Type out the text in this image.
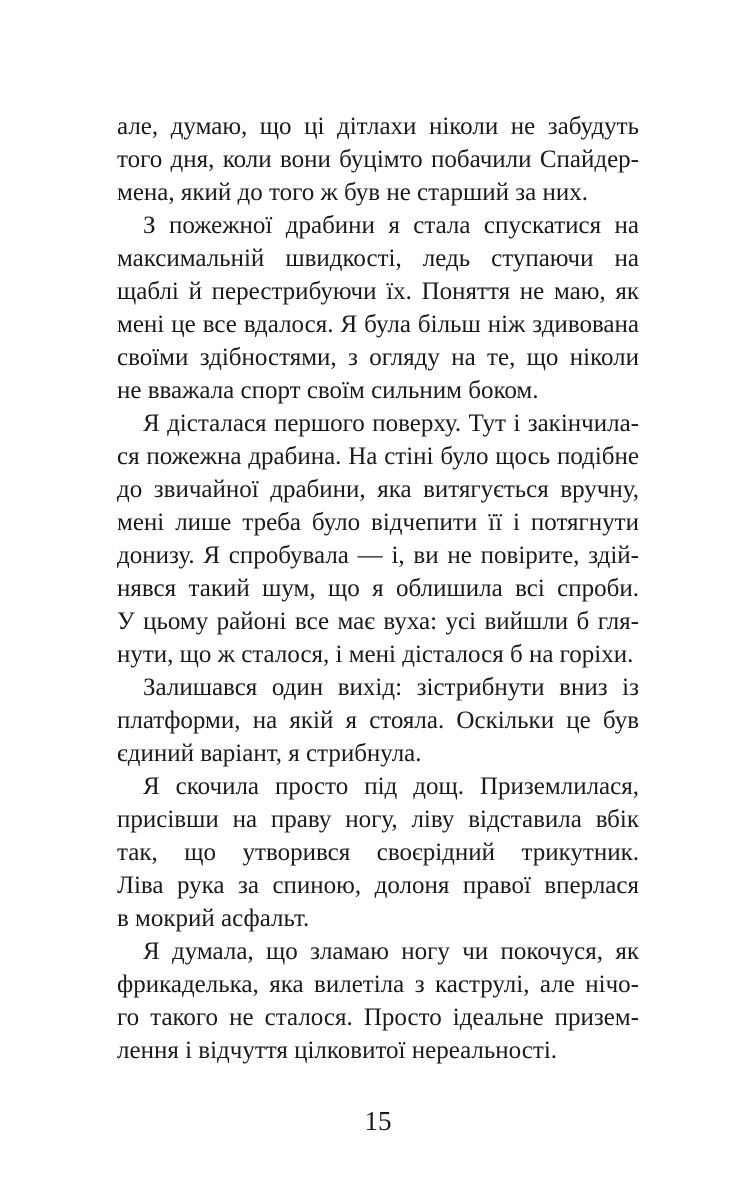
але, думаю, що ці дітлахи ніколи не забудуть
того дня, коли вони буцімто побачили Спайдер-
мена, який до того ж був не старший за них.
З пожежної драбини я стала спускатися на
максимальній швидкості, ледь ступаючи на
щаблі й перестрибуючи їх. Поняття не маю, як
мені це все вдалося. Я була більш ніж здивована
своїми здібностями, з огляду на те, що ніколи
не вважала спорт своїм сильним боком.
Я дісталася першого поверху. Тут і закінчила-
ся пожежна драбина. На стіні було щось подібне
до звичайної драбини, яка витягується вручну,
мені лише треба було відчепити її і потягнути
донизу. Я спробувала — і, ви не повірите, здій-
нявся такий шум, що я облишила всі спроби.
У цьому районі все має вуха: усі вийшли б гля-
нути, що ж сталося, і мені дісталося б на горіхи.
Залишався один вихід: зістрибнути вниз із
платформи, на якій я стояла. Оскільки це був
єдиний варіант, я стрибнула.
Я скочила просто під дощ. Приземлилася,
присівши на праву ногу, ліву відставила вбік
так, що утворився своєрідний трикутник.
Ліва рука за спиною, долоня правої вперлася
в мокрий асфальт.
Я думала, що зламаю ногу чи покочуся, як
фрикаделька, яка вилетіла з каструлі, але нічо-
го такого не сталося. Просто ідеальне призем-
лення і відчуття цілковитої нереальності.
15
